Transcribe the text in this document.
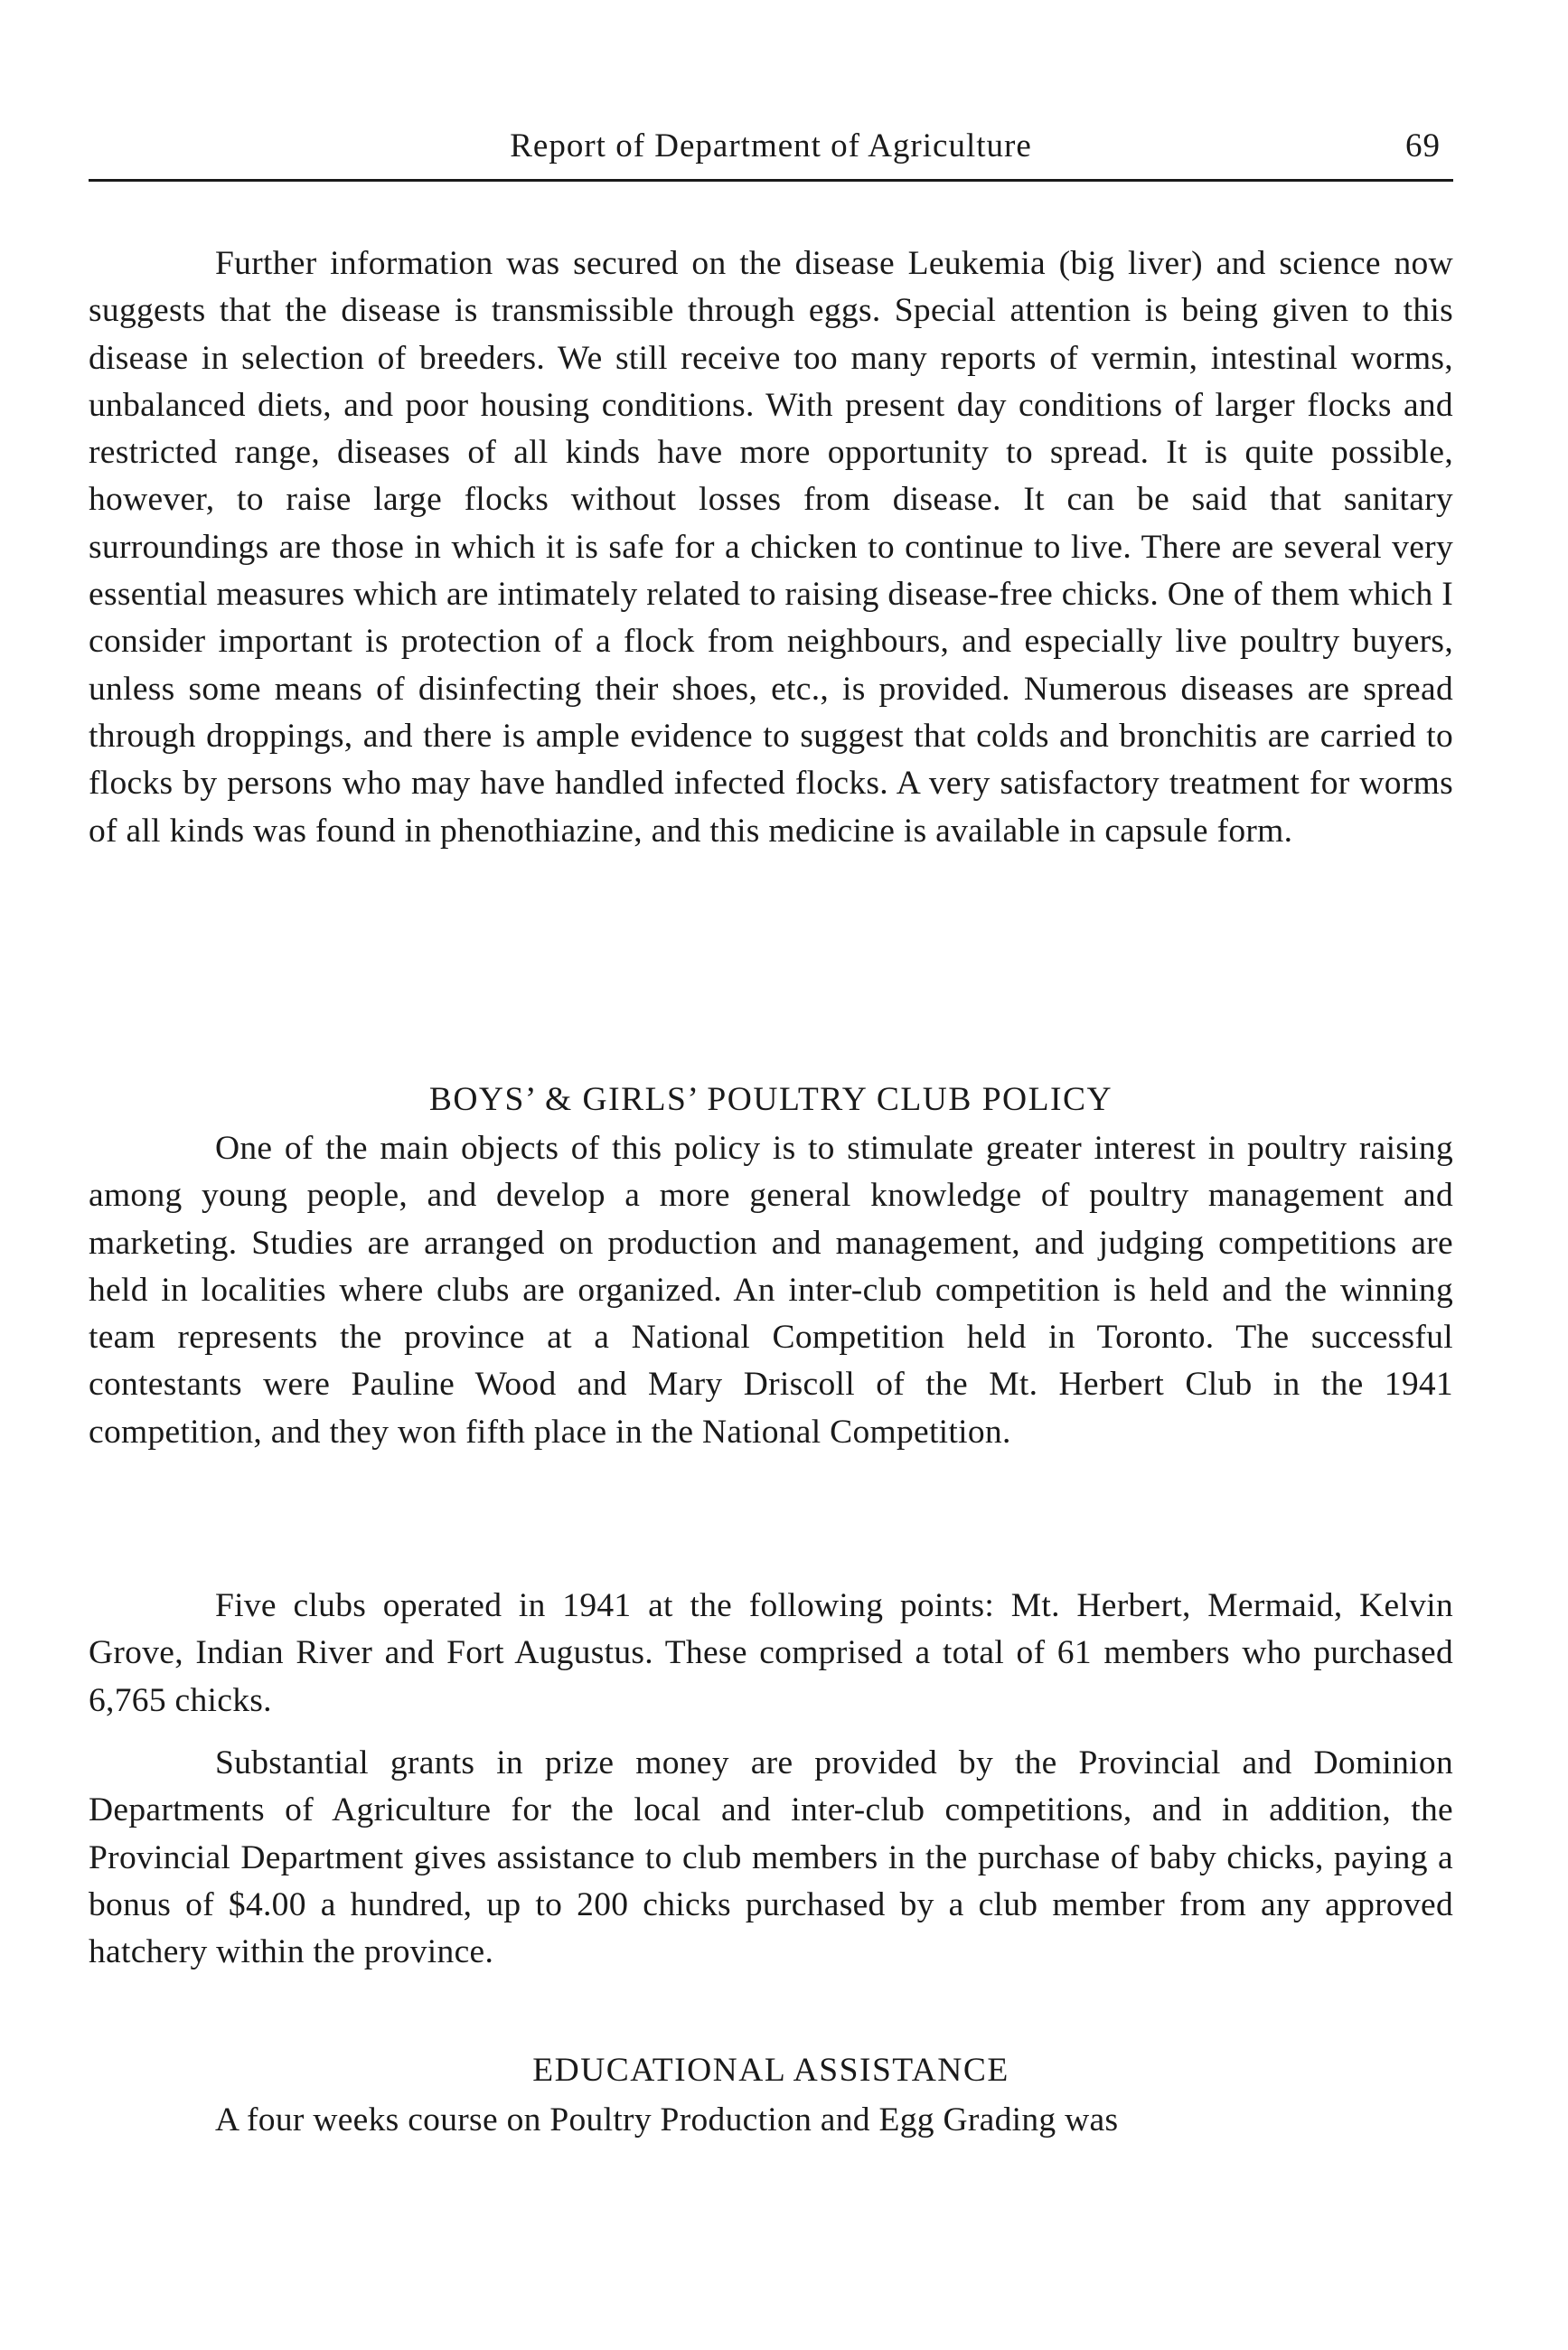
Report of Department of Agriculture	69

Further information was secured on the disease Leukemia (big liver) and science now suggests that the disease is transmissible through eggs. Special attention is being given to this disease in selection of breeders. We still receive too many reports of vermin, intestinal worms, unbalanced diets, and poor housing conditions. With present day conditions of larger flocks and restricted range, diseases of all kinds have more opportunity to spread. It is quite possible, however, to raise large flocks without losses from disease. It can be said that sanitary surroundings are those in which it is safe for a chicken to continue to live. There are several very essential measures which are intimately related to raising disease-free chicks. One of them which I consider important is protection of a flock from neighbours, and especially live poultry buyers, unless some means of disinfecting their shoes, etc., is provided. Numerous diseases are spread through droppings, and there is ample evidence to suggest that colds and bronchitis are carried to flocks by persons who may have handled infected flocks. A very satisfactory treatment for worms of all kinds was found in phenothiazine, and this medicine is available in capsule form.

BOYS’ & GIRLS’ POULTRY CLUB POLICY

One of the main objects of this policy is to stimulate greater interest in poultry raising among young people, and develop a more general knowledge of poultry management and marketing. Studies are arranged on production and management, and judging competitions are held in localities where clubs are organized. An inter-club competition is held and the winning team represents the province at a National Competition held in Toronto. The successful contestants were Pauline Wood and Mary Driscoll of the Mt. Herbert Club in the 1941 competition, and they won fifth place in the National Competition.

Five clubs operated in 1941 at the following points: Mt. Herbert, Mermaid, Kelvin Grove, Indian River and Fort Augustus. These comprised a total of 61 members who purchased 6,765 chicks.

Substantial grants in prize money are provided by the Provincial and Dominion Departments of Agriculture for the local and inter-club competitions, and in addition, the Provincial Department gives assistance to club members in the purchase of baby chicks, paying a bonus of $4.00 a hundred, up to 200 chicks purchased by a club member from any approved hatchery within the province.

EDUCATIONAL ASSISTANCE

A four weeks course on Poultry Production and Egg Grading was
